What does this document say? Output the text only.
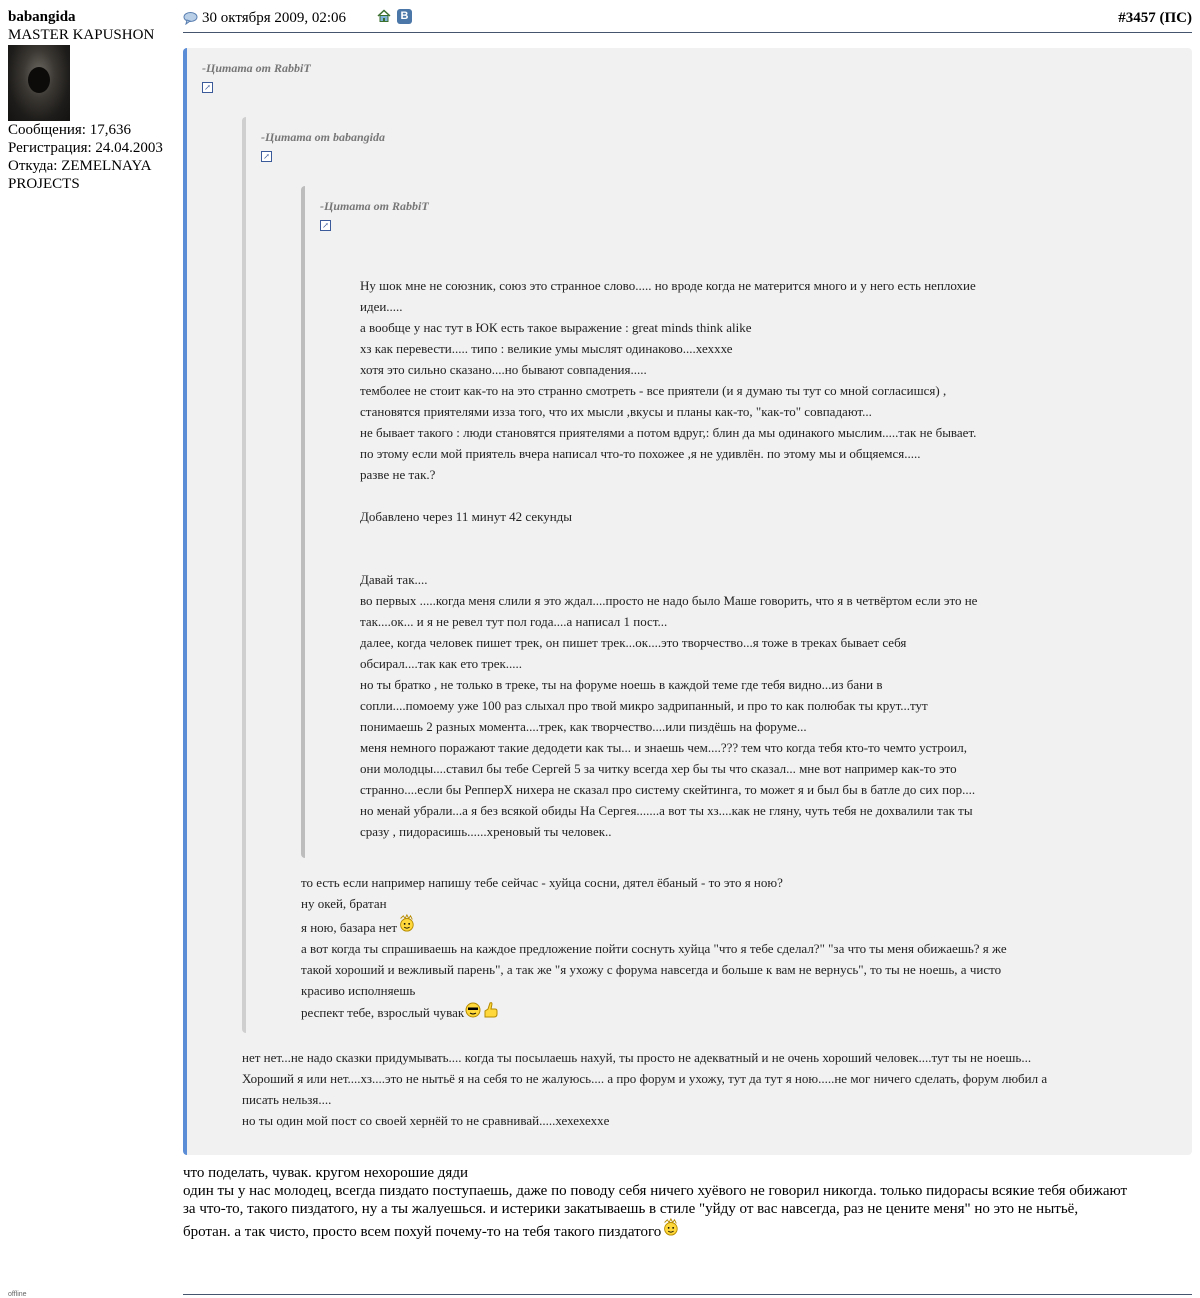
babangida
MASTER KAPUSHON
Сообщения: 17,636
Регистрация: 24.04.2003
Откуда: ZEMELNAYA
PROJECTS
offline
30 октября 2009, 02:06	В	#3457 (ПС)
-Цитата от RabbiT
↗
-Цитата от babangida
↗
-Цитата от RabbiT
↗
Ну шок мне не союзник, союз это странное слово..... но вроде когда не матерится много и у него есть неплохие
идеи.....
а вообще у нас тут в ЮК есть такое выражение : great minds think alike
хз как перевести..... типо : великие умы мыслят одинаково....хехххе
хотя это сильно сказано....но бывают совпадения.....
темболее не стоит как-то на это странно смотреть - все приятели (и я думаю ты тут со мной согласишся) ,
становятся приятелями изза того, что их мысли ,вкусы и планы как-то, "как-то" совпадают...
не бывает такого : люди становятся приятелями а потом вдруг,: блин да мы одинакого мыслим.....так не бывает.
по этому если мой приятель вчера написал что-то похожее ,я не удивлён. по этому мы и общяемся.....
разве не так.?
Добавлено через 11 минут 42 секунды
Давай так....
во первых .....когда меня слили я это ждал....просто не надо было Маше говорить, что я в четвёртом если это не
так....ок... и я не ревел тут пол года....а написал 1 пост...
далее, когда человек пишет трек, он пишет трек...ок....это творчество...я тоже в треках бывает себя
обсирал....так как ето трек.....
но ты братко , не только в треке, ты на форуме ноешь в каждой теме где тебя видно...из бани в
сопли....помоему уже 100 раз слыхал про твой микро задрипанный, и про то как полюбак ты крут...тут
понимаешь 2 разных момента....трек, как творчество....или пиздёшь на форуме...
меня немного поражают такие дедодети как ты... и знаешь чем....??? тем что когда тебя кто-то чемто устроил,
они молодцы....ставил бы тебе Сергей 5 за читку всегда хер бы ты что сказал... мне вот например как-то это
странно....если бы РепперХ нихера не сказал про систему скейтинга, то может я и был бы в батле до сих пор....
но менай убрали...а я без всякой обиды На Сергея.......а вот ты хз....как не гляну, чуть тебя не дохвалили так ты
сразу , пидорасишь......хреновый ты человек..
то есть если например напишу тебе сейчас - хуйца сосни, дятел ёбаный - то это я ною?
ну окей, братан
я ною, базара нет
а вот когда ты спрашиваешь на каждое предложение пойти соснуть хуйца "что я тебе сделал?" "за что ты меня обижаешь? я же
такой хороший и вежливый парень", а так же "я ухожу с форума навсегда и больше к вам не вернусь", то ты не ноешь, а чисто
красиво исполняешь
респект тебе, взрослый чувак
нет нет...не надо сказки придумывать.... когда ты посылаешь нахуй, ты просто не адекватный и не очень хороший человек....тут ты не ноешь...
Хороший я или нет....хз....это не нытьё я на себя то не жалуюсь.... а про форум и ухожу, тут да тут я ною.....не мог ничего сделать, форум любил а
писать нельзя....
но ты один мой пост со своей хернёй то не сравнивай.....хехехехxе
что поделать, чувак. кругом нехорошие дяди
один ты у нас молодец, всегда пиздато поступаешь, даже по поводу себя ничего хуёвого не говорил никогда. только пидорасы всякие тебя обижают
за что-то, такого пиздатого, ну а ты жалуешься. и истерики закатываешь в стиле "уйду от вас навсегда, раз не цените меня" но это не нытьё,
бротан. а так чисто, просто всем похуй почему-то на тебя такого пиздатого
